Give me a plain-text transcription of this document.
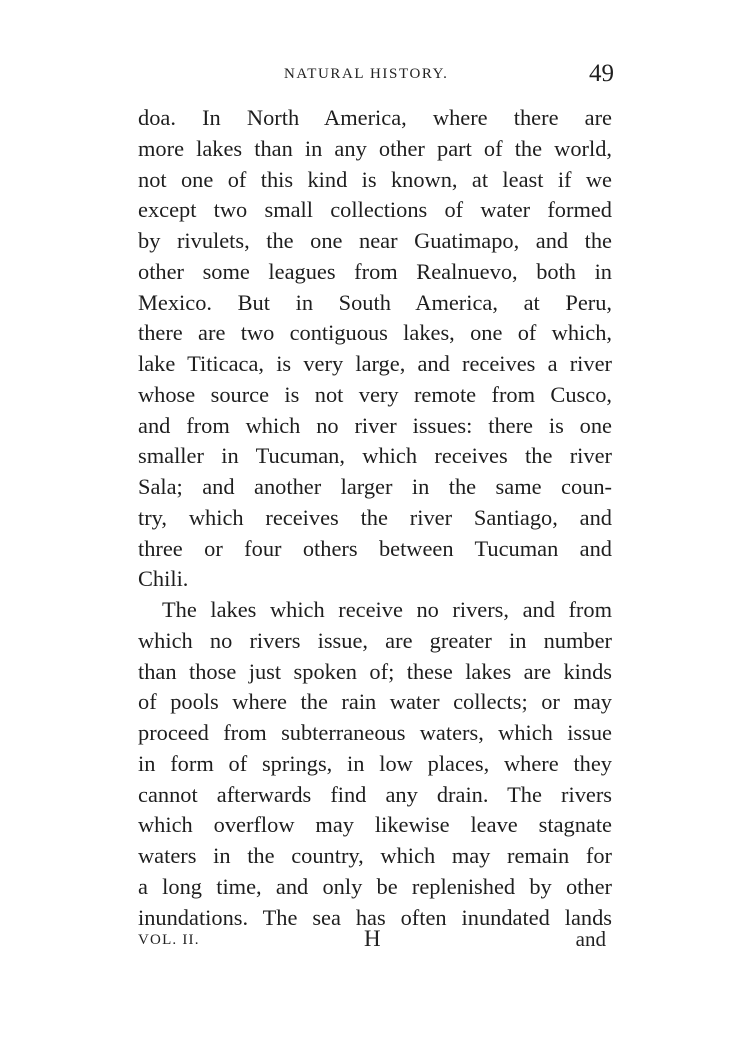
NATURAL HISTORY.	49
doa. In North America, where there are
more lakes than in any other part of the world,
not one of this kind is known, at least if we
except two small collections of water formed
by rivulets, the one near Guatimapo, and the
other some leagues from Realnuevo, both in
Mexico. But in South America, at Peru,
there are two contiguous lakes, one of which,
lake Titicaca, is very large, and receives a river
whose source is not very remote from Cusco,
and from which no river issues: there is one
smaller in Tucuman, which receives the river
Sala; and another larger in the same coun-
try, which receives the river Santiago, and
three or four others between Tucuman and
Chili.
The lakes which receive no rivers, and from
which no rivers issue, are greater in number
than those just spoken of; these lakes are kinds
of pools where the rain water collects; or may
proceed from subterraneous waters, which issue
in form of springs, in low places, where they
cannot afterwards find any drain. The rivers
which overflow may likewise leave stagnate
waters in the country, which may remain for
a long time, and only be replenished by other
inundations. The sea has often inundated lands
VOL. II.	H	and
